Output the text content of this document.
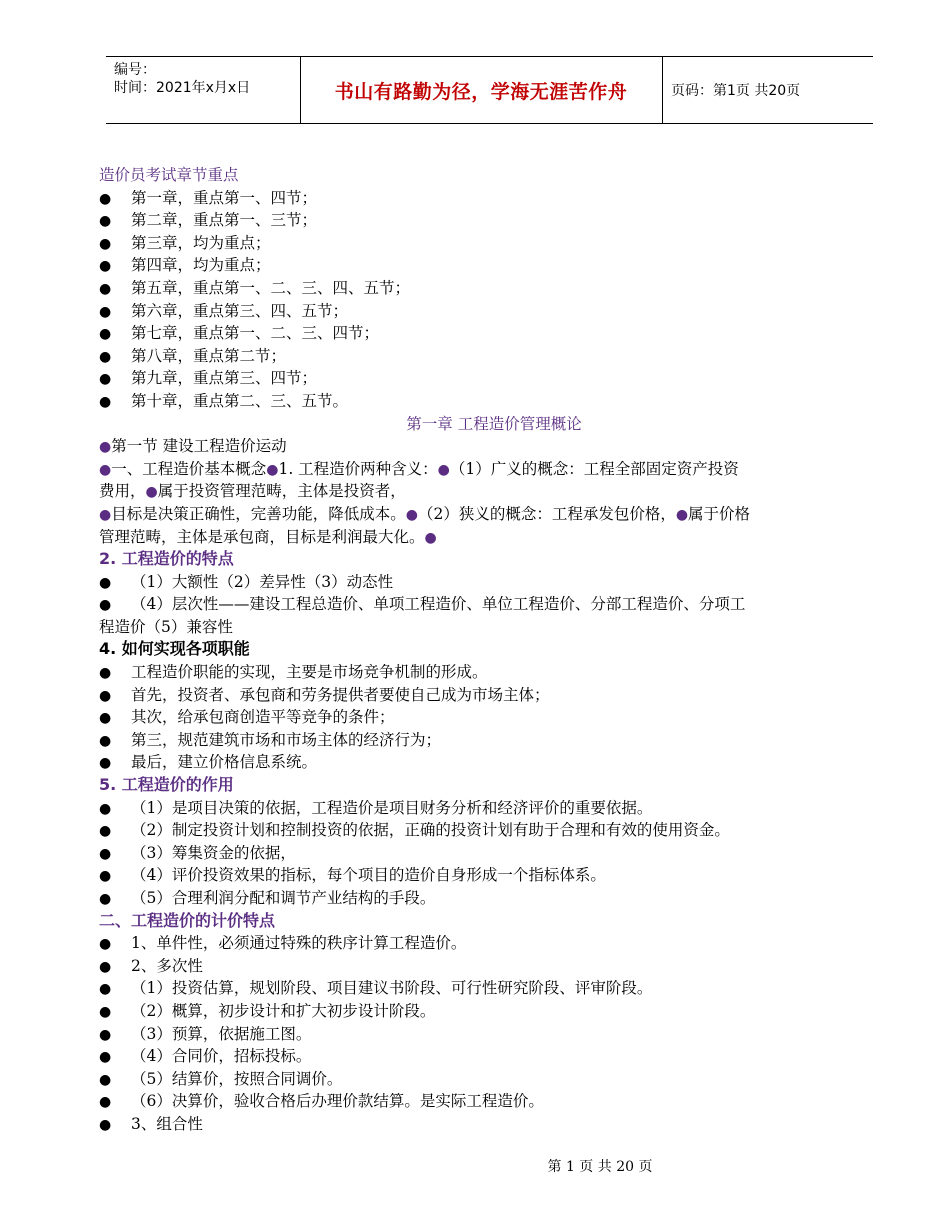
编号：
时间：2021年x月x日	书山有路勤为径，学海无涯苦作舟	页码：第1页 共20页
造价员考试章节重点
●第一章，重点第一、四节；
●第二章，重点第一、三节；
●第三章，均为重点；
●第四章，均为重点；
●第五章，重点第一、二、三、四、五节；
●第六章，重点第三、四、五节；
●第七章，重点第一、二、三、四节；
●第八章，重点第二节；
●第九章，重点第三、四节；
●第十章，重点第二、三、五节。
第一章 工程造价管理概论
●第一节 建设工程造价运动
●一、工程造价基本概念●1. 工程造价两种含义：●（1）广义的概念：工程全部固定资产投资
费用，●属于投资管理范畴，主体是投资者，
●目标是决策正确性，完善功能，降低成本。●（2）狭义的概念：工程承发包价格，●属于价格
管理范畴，主体是承包商，目标是利润最大化。●
2. 工程造价的特点
●（1）大额性（2）差异性（3）动态性
●（4）层次性——建设工程总造价、单项工程造价、单位工程造价、分部工程造价、分项工
程造价（5）兼容性
4. 如何实现各项职能
●工程造价职能的实现，主要是市场竞争机制的形成。
●首先，投资者、承包商和劳务提供者要使自己成为市场主体；
●其次，给承包商创造平等竞争的条件；
●第三，规范建筑市场和市场主体的经济行为；
●最后，建立价格信息系统。
5. 工程造价的作用
●（1）是项目决策的依据，工程造价是项目财务分析和经济评价的重要依据。
●（2）制定投资计划和控制投资的依据，正确的投资计划有助于合理和有效的使用资金。
●（3）筹集资金的依据，
●（4）评价投资效果的指标，每个项目的造价自身形成一个指标体系。
●（5）合理利润分配和调节产业结构的手段。
二、工程造价的计价特点
●1、单件性，必须通过特殊的秩序计算工程造价。
●2、多次性
●（1）投资估算，规划阶段、项目建议书阶段、可行性研究阶段、评审阶段。
●（2）概算，初步设计和扩大初步设计阶段。
●（3）预算，依据施工图。
●（4）合同价，招标投标。
●（5）结算价，按照合同调价。
●（6）决算价，验收合格后办理价款结算。是实际工程造价。
●3、组合性
第 1 页 共 20 页
